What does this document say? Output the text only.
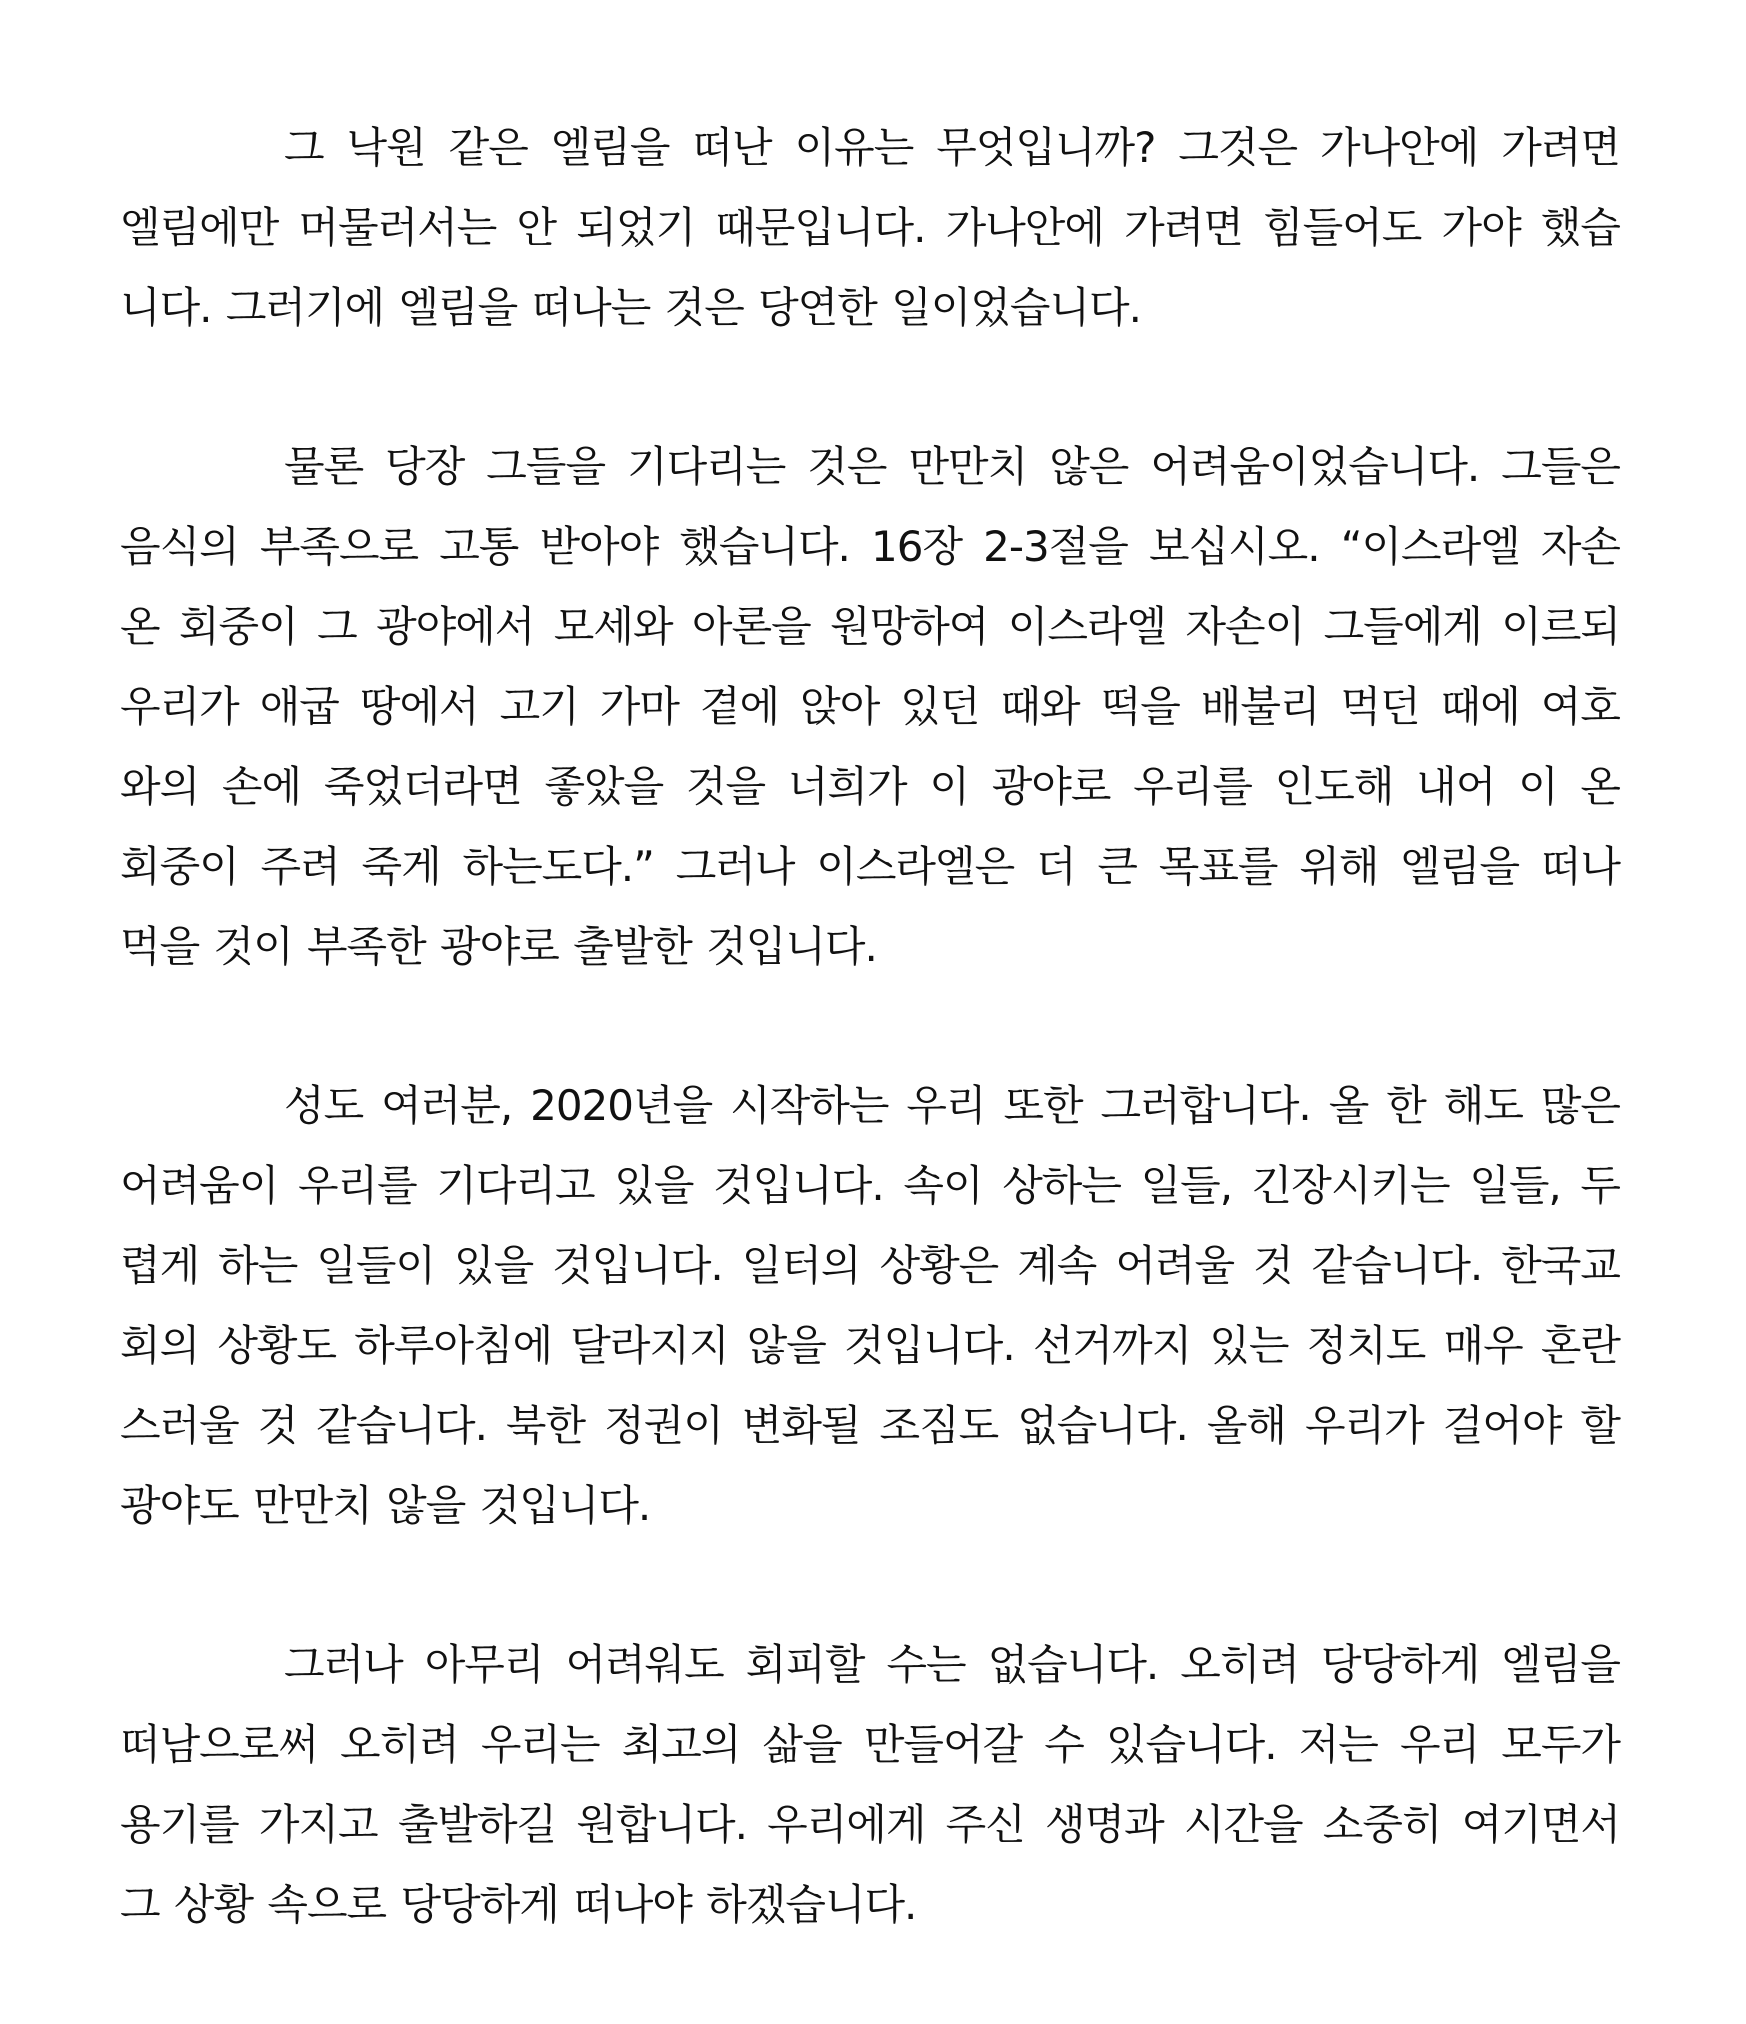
그 낙원 같은 엘림을 떠난 이유는 무엇입니까? 그것은 가나안에 가려면
엘림에만 머물러서는 안 되었기 때문입니다. 가나안에 가려면 힘들어도 가야 했습
니다. 그러기에 엘림을 떠나는 것은 당연한 일이었습니다.
물론 당장 그들을 기다리는 것은 만만치 않은 어려움이었습니다. 그들은
음식의 부족으로 고통 받아야 했습니다. 16장 2-3절을 보십시오. “이스라엘 자손
온 회중이 그 광야에서 모세와 아론을 원망하여 이스라엘 자손이 그들에게 이르되
우리가 애굽 땅에서 고기 가마 곁에 앉아 있던 때와 떡을 배불리 먹던 때에 여호
와의 손에 죽었더라면 좋았을 것을 너희가 이 광야로 우리를 인도해 내어 이 온
회중이 주려 죽게 하는도다.” 그러나 이스라엘은 더 큰 목표를 위해 엘림을 떠나
먹을 것이 부족한 광야로 출발한 것입니다.
성도 여러분, 2020년을 시작하는 우리 또한 그러합니다. 올 한 해도 많은
어려움이 우리를 기다리고 있을 것입니다. 속이 상하는 일들, 긴장시키는 일들, 두
렵게 하는 일들이 있을 것입니다. 일터의 상황은 계속 어려울 것 같습니다. 한국교
회의 상황도 하루아침에 달라지지 않을 것입니다. 선거까지 있는 정치도 매우 혼란
스러울 것 같습니다. 북한 정권이 변화될 조짐도 없습니다. 올해 우리가 걸어야 할
광야도 만만치 않을 것입니다.
그러나 아무리 어려워도 회피할 수는 없습니다. 오히려 당당하게 엘림을
떠남으로써 오히려 우리는 최고의 삶을 만들어갈 수 있습니다. 저는 우리 모두가
용기를 가지고 출발하길 원합니다. 우리에게 주신 생명과 시간을 소중히 여기면서
그 상황 속으로 당당하게 떠나야 하겠습니다.
